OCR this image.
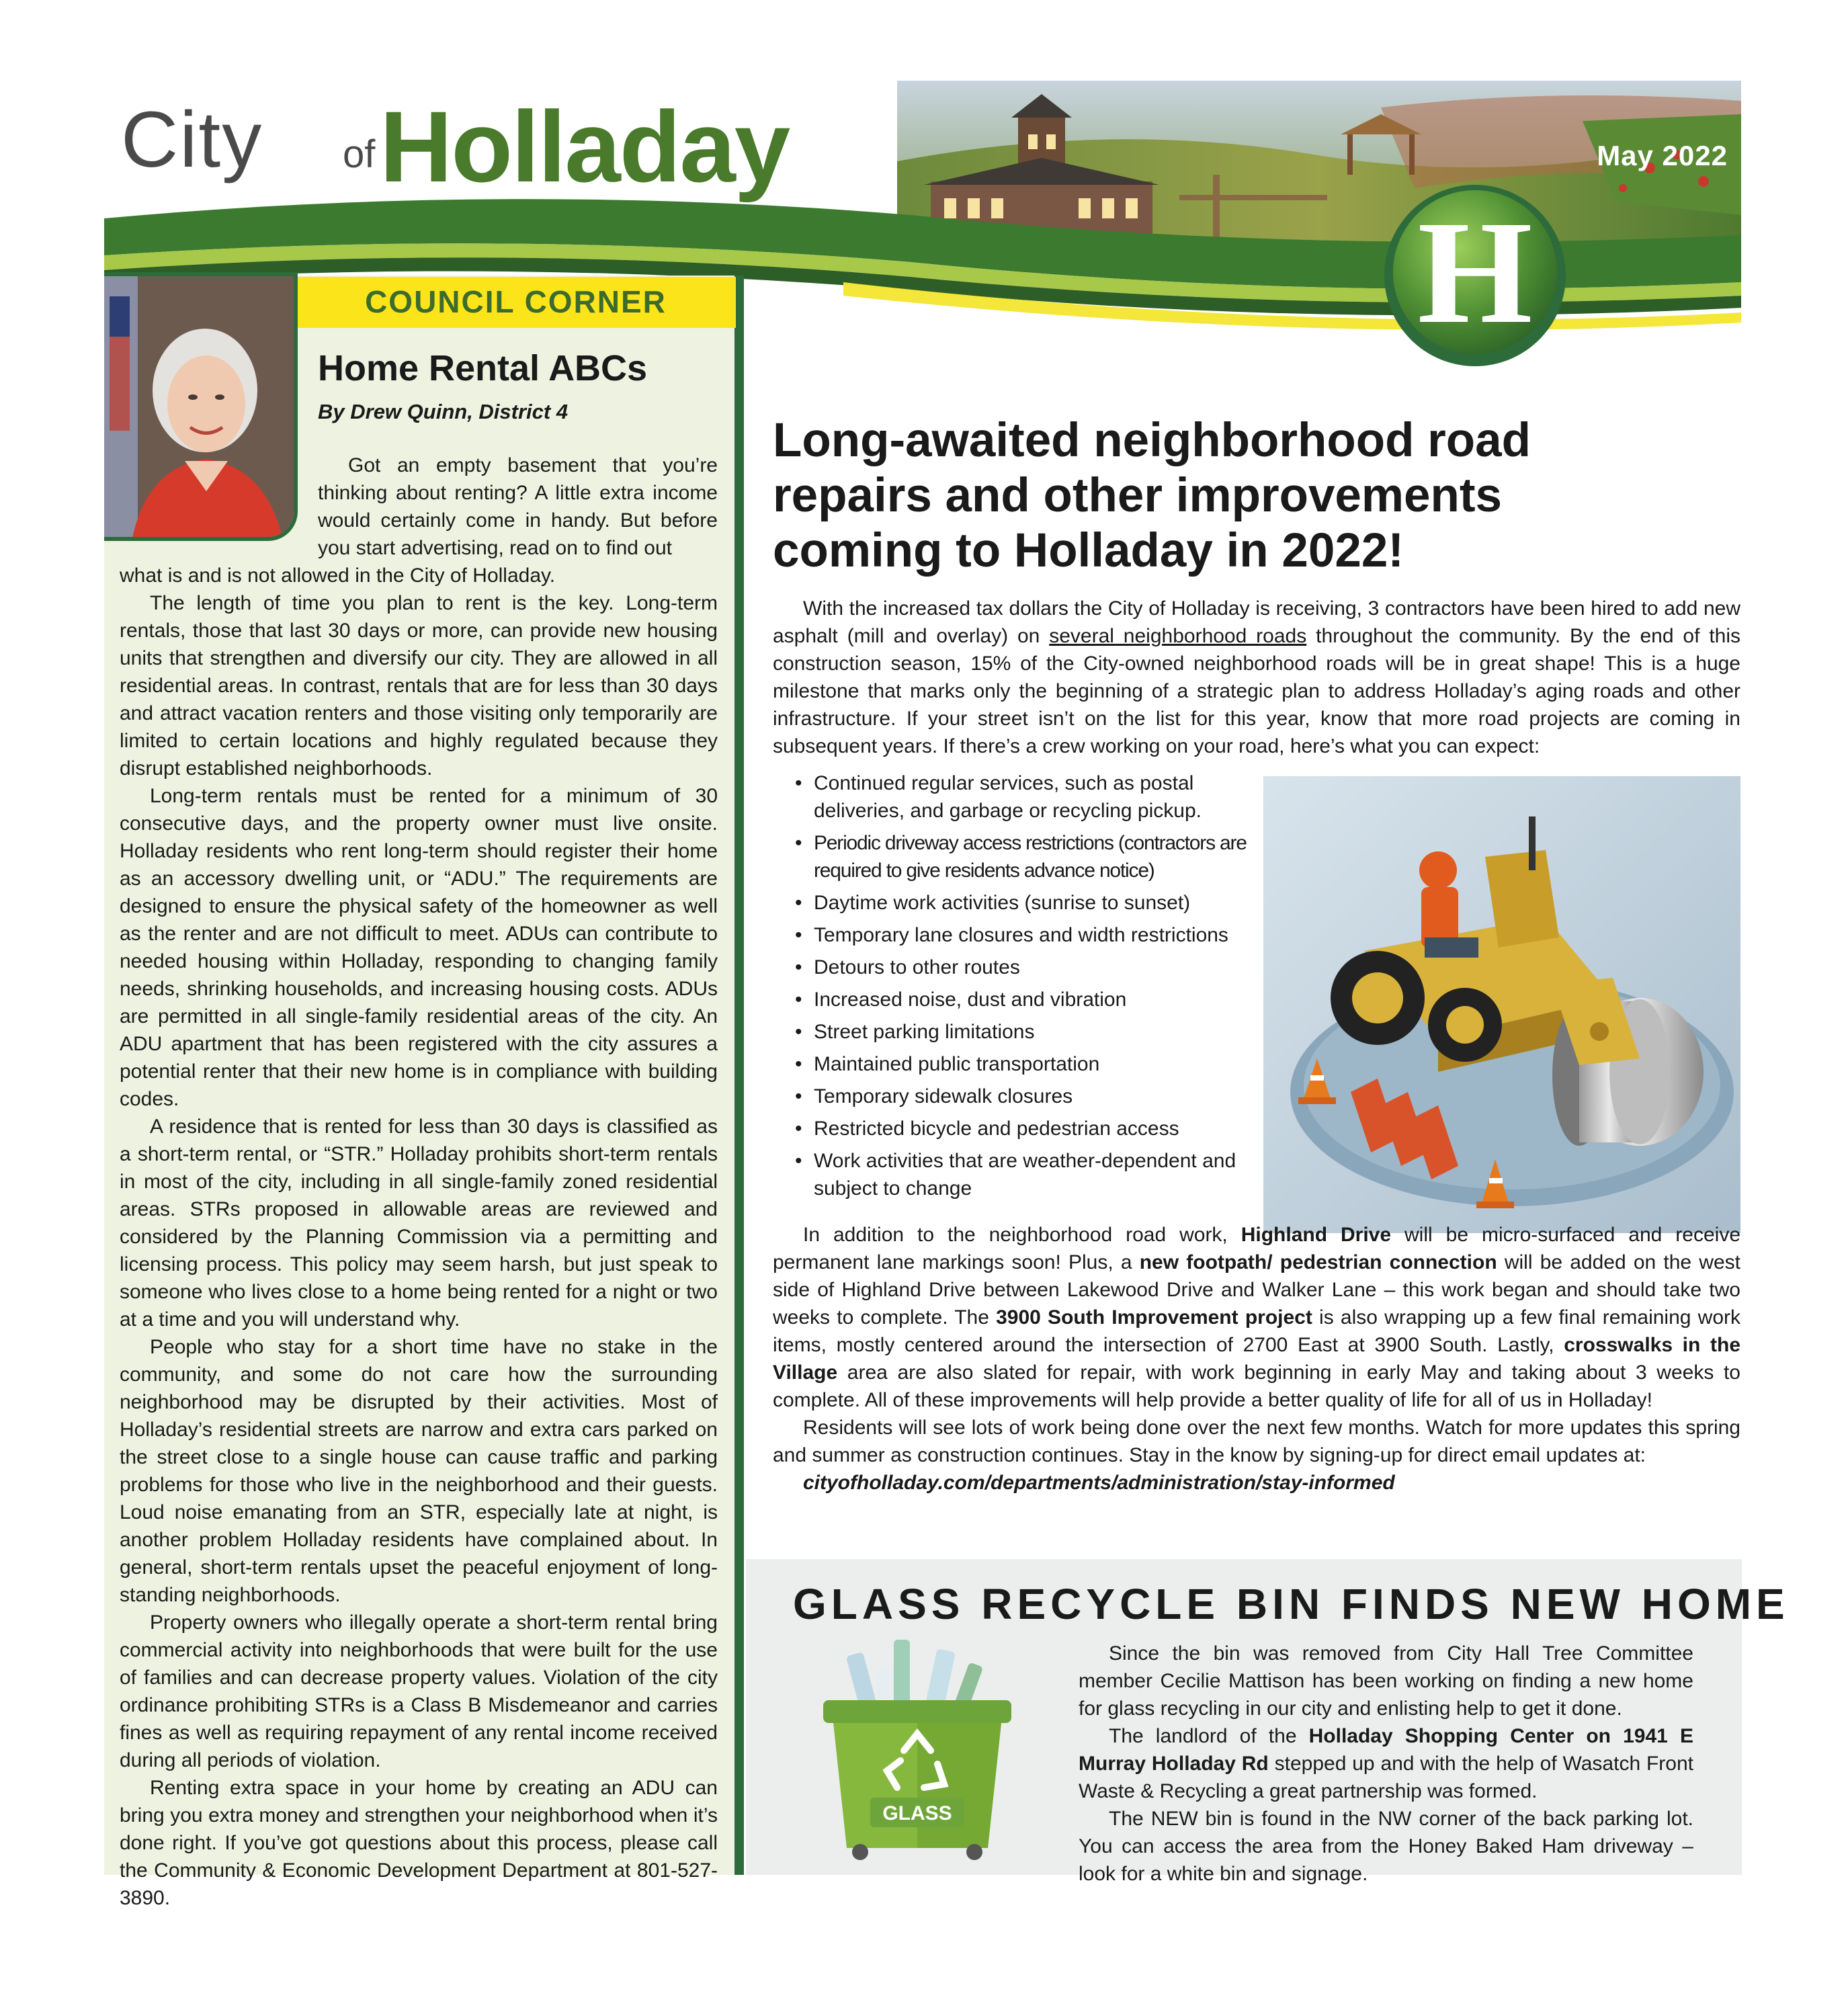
City of Holladay	May 2022
H
COUNCIL CORNER
Home Rental ABCs
By Drew Quinn, District 4

Got an empty basement that you’re thinking about renting? A little extra income would certainly come in handy. But before you start advertising, read on to find out

what is and is not allowed in the City of Holladay.

The length of time you plan to rent is the key. Long-term rentals, those that last 30 days or more, can provide new housing units that strengthen and diversify our city. They are allowed in all residential areas. In contrast, rentals that are for less than 30 days and attract vacation renters and those visiting only temporarily are limited to certain locations and highly regulated because they disrupt established neighborhoods.

Long-term rentals must be rented for a minimum of 30 consecutive days, and the property owner must live onsite. Holladay residents who rent long-term should register their home as an accessory dwelling unit, or “ADU.” The requirements are designed to ensure the physical safety of the homeowner as well as the renter and are not difficult to meet. ADUs can contribute to needed housing within Holladay, responding to changing family needs, shrinking households, and increasing housing costs. ADUs are permitted in all single-family residential areas of the city. An ADU apartment that has been registered with the city assures a potential renter that their new home is in compliance with building codes.

A residence that is rented for less than 30 days is classified as a short-term rental, or “STR.” Holladay prohibits short-term rentals in most of the city, including in all single-family zoned residential areas. STRs proposed in allowable areas are reviewed and considered by the Planning Commission via a permitting and licensing process. This policy may seem harsh, but just speak to someone who lives close to a home being rented for a night or two at a time and you will understand why.

People who stay for a short time have no stake in the community, and some do not care how the surrounding neighborhood may be disrupted by their activities. Most of Holladay’s residential streets are narrow and extra cars parked on the street close to a single house can cause traffic and parking problems for those who live in the neighborhood and their guests. Loud noise emanating from an STR, especially late at night, is another problem Holladay residents have complained about. In general, short-term rentals upset the peaceful enjoyment of long-standing neighborhoods.

Property owners who illegally operate a short-term rental bring commercial activity into neighborhoods that were built for the use of families and can decrease property values. Violation of the city ordinance prohibiting STRs is a Class B Misdemeanor and carries fines as well as requiring repayment of any rental income received during all periods of violation.

Renting extra space in your home by creating an ADU can bring you extra money and strengthen your neighborhood when it’s done right. If you’ve got questions about this process, please call the Community & Economic Development Department at 801-527-3890.

Long-awaited neighborhood road repairs and other improvements coming to Holladay in 2022!

With the increased tax dollars the City of Holladay is receiving, 3 contractors have been hired to add new asphalt (mill and overlay) on several neighborhood roads throughout the community. By the end of this construction season, 15% of the City-owned neighborhood roads will be in great shape! This is a huge milestone that marks only the beginning of a strategic plan to address Holladay’s aging roads and other infrastructure. If your street isn’t on the list for this year, know that more road projects are coming in subsequent years. If there’s a crew working on your road, here’s what you can expect:

• Continued regular services, such as postal deliveries, and garbage or recycling pickup.
• Periodic driveway access restrictions (contractors are required to give residents advance notice)
• Daytime work activities (sunrise to sunset)
• Temporary lane closures and width restrictions
• Detours to other routes
• Increased noise, dust and vibration
• Street parking limitations
• Maintained public transportation
• Temporary sidewalk closures
• Restricted bicycle and pedestrian access
• Work activities that are weather-dependent and subject to change

In addition to the neighborhood road work, Highland Drive will be micro-surfaced and receive permanent lane markings soon! Plus, a new footpath/ pedestrian connection will be added on the west side of Highland Drive between Lakewood Drive and Walker Lane – this work began and should take two weeks to complete. The 3900 South Improvement project is also wrapping up a few final remaining work items, mostly centered around the intersection of 2700 East at 3900 South. Lastly, crosswalks in the Village area are also slated for repair, with work beginning in early May and taking about 3 weeks to complete. All of these improvements will help provide a better quality of life for all of us in Holladay!

Residents will see lots of work being done over the next few months. Watch for more updates this spring and summer as construction continues. Stay in the know by signing-up for direct email updates at:

cityofholladay.com/departments/administration/stay-informed

GLASS RECYCLE BIN FINDS NEW HOME
GLASS

Since the bin was removed from City Hall Tree Committee member Cecilie Mattison has been working on finding a new home for glass recycling in our city and enlisting help to get it done.

The landlord of the Holladay Shopping Center on 1941 E Murray Holladay Rd stepped up and with the help of Wasatch Front Waste & Recycling a great partnership was formed.

The NEW bin is found in the NW corner of the back parking lot. You can access the area from the Honey Baked Ham driveway – look for a white bin and signage.
